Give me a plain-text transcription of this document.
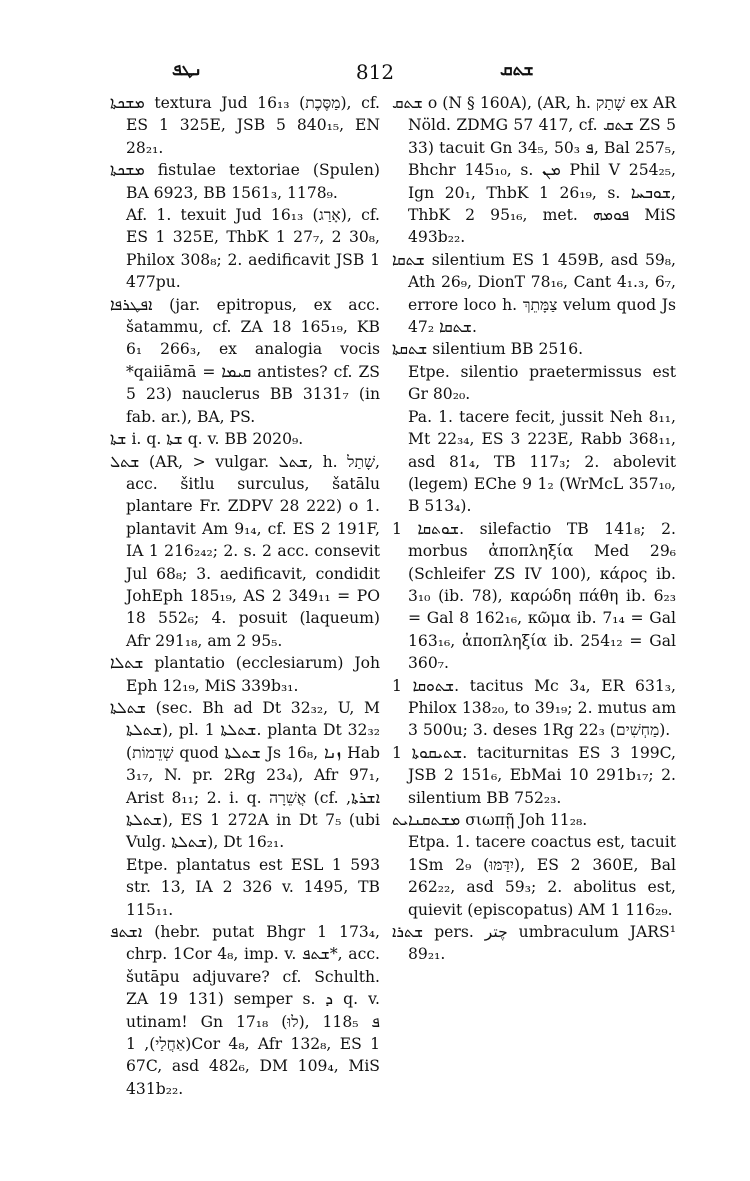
ܢܛܦ	812	ܫܬܩ

ܡܫܟܬܐ textura Jud 16₁₃ (מַסֶּכֶת), cf. ES 1 325E, JSB 5 840₁₅, EN 28₂₁.

ܡܫܟܬܐ fistulae textoriae (Spulen) BA 6923, BB 1561₃, 1178₉.

Af. 1. texuit Jud 16₁₃ (אָרַג), cf. ES 1 325E, ThbK 1 27₇, 2 30₈, Philox 308₈; 2. aedificavit JSB 1 477pu.

ܐܦܛܪܦܐ (jar. epitropus, ex acc. šatammu, cf. ZA 18 165₁₉, KB 6₁ 266₃, ex analogia vocis *qaiiāmā = ܩܝܡܐ antistes? cf. ZS 5 23) nauclerus BB 3131₇ (in fab. ar.), BA, PS.

ܫܬܐ i. q. ܫܬܐ q. v. BB 2020₉.

ܫܬܠ (AR, > vulgar. ܫܬܠ, h. שָׁתַל, acc. šitlu surculus, šatālu plantare Fr. ZDPV 28 222) o 1. plantavit Am 9₁₄, cf. ES 2 191F, IA 1 216₂₄₂; 2. s. 2 acc. consevit Jul 68₈; 3. aedificavit, condidit JohEph 185₁₉, AS 2 349₁₁ = PO 18 552₆; 4. posuit (laqueum) Afr 291₁₈, am 2 95₅.

ܫܬܠܐ plantatio (ecclesiarum) Joh Eph 12₁₉, MiS 339b₃₁.

ܫܬܠܬܐ (sec. Bh ad Dt 32₃₂, U, M ܫܬܠܬܐ), pl. ܫܬܠܬܐ 1. planta Dt 32₃₂ (שְׁדֵמוֹת quod ܫܬܠܬܐ Js 16₈, ܙܢܐ Hab 3₁₇, N. pr. 2Rg 23₄), Afr 97₁, Arist 8₁₁; 2. i. q. אֲשֵׁרָה (cf. ܐܫܪܬܐ, ܫܬܠܬܐ), ES 1 272A in Dt 7₅ (ubi Vulg. ܫܬܠܬܐ), Dt 16₂₁.

Etpe. plantatus est ESL 1 593 str. 13, IA 2 326 v. 1495, TB 115₁₁.

ܐܫܬܦ (hebr. putat Bhgr 1 173₄, chrp. 1Cor 4₈, imp. v. ܫܬܦ*, acc. šutāpu adjuvare? cf. Schulth. ZA 19 131) semper s. ܕ q. v. utinam! Gn 17₁₈ (לוּ), ܦ 118₅ (אַחֲלַי), 1Cor 4₈, Afr 132₈, ES 1 67C, asd 482₆, DM 109₄, MiS 431b₂₂.

ܫܬܩ o (N § 160A), (AR, h. שָׁתַק ex AR Nöld. ZDMG 57 417, cf. ܫܬܩ ZS 5 33) tacuit Gn 34₅, ܦ 50₃, Bal 257₅, Bhchr 145₁₀, s. ܡܢ Phil V 254₂₅, Ign 20₁, ThbK 1 26₁₉, s. ܫܘܒܚܐ, ThbK 2 95₁₆, met. ܦܘܡܗ MiS 493b₂₂.

ܫܬܩܐ silentium ES 1 459B, asd 59₈, Ath 26₉, DionT 78₁₆, Cant 4₁.₃, 6₇, errore loco h. צַמָּתֵךְ velum quod Js 47₂ ܫܬܩܐ.

ܫܬܩܬܐ silentium BB 2516.

Etpe. silentio praetermissus est Gr 80₂₀.

Pa. 1. tacere fecit, jussit Neh 8₁₁, Mt 22₃₄, ES 3 223E, Rabb 368₁₁, asd 81₄, TB 117₃; 2. abolevit (legem) EChe 9 1₂ (WrMcL 357₁₀, B 513₄).

ܫܘܬܩܐ 1. silefactio TB 141₈; 2. morbus ἀποπληξία Med 29₆ (Schleifer ZS IV 100), κάρος ib. 3₁₀ (ib. 78), καρώδη πάθη ib. 6₂₃ = Gal 8 162₁₆, κῶμα ib. 7₁₄ = Gal 163₁₆, ἀποπληξία ib. 254₁₂ = Gal 360₇.

ܫܬܘܩܐ 1. tacitus Mc 3₄, ER 631₃, Philox 138₂₀, to 39₁₉; 2. mutus am 3 500u; 3. deses 1Rg 22₃ (מַחְשִׁים).

ܫܬܝܩܘܬܐ 1. taciturnitas ES 3 199C, JSB 2 151₆, EbMai 10 291b₁₇; 2. silentium BB 752₂₃.

ܡܫܬܩܢܐܝܬ σιωπῇ Joh 11₂₈.

Etpa. 1. tacere coactus est, tacuit 1Sm 2₉ (יִדַּמּוּ), ES 2 360E, Bal 262₂₂, asd 59₃; 2. abolitus est, quievit (episcopatus) AM 1 116₂₉.

ܫܬܪܐ pers. چتر umbraculum JARS¹ 89₂₁.
